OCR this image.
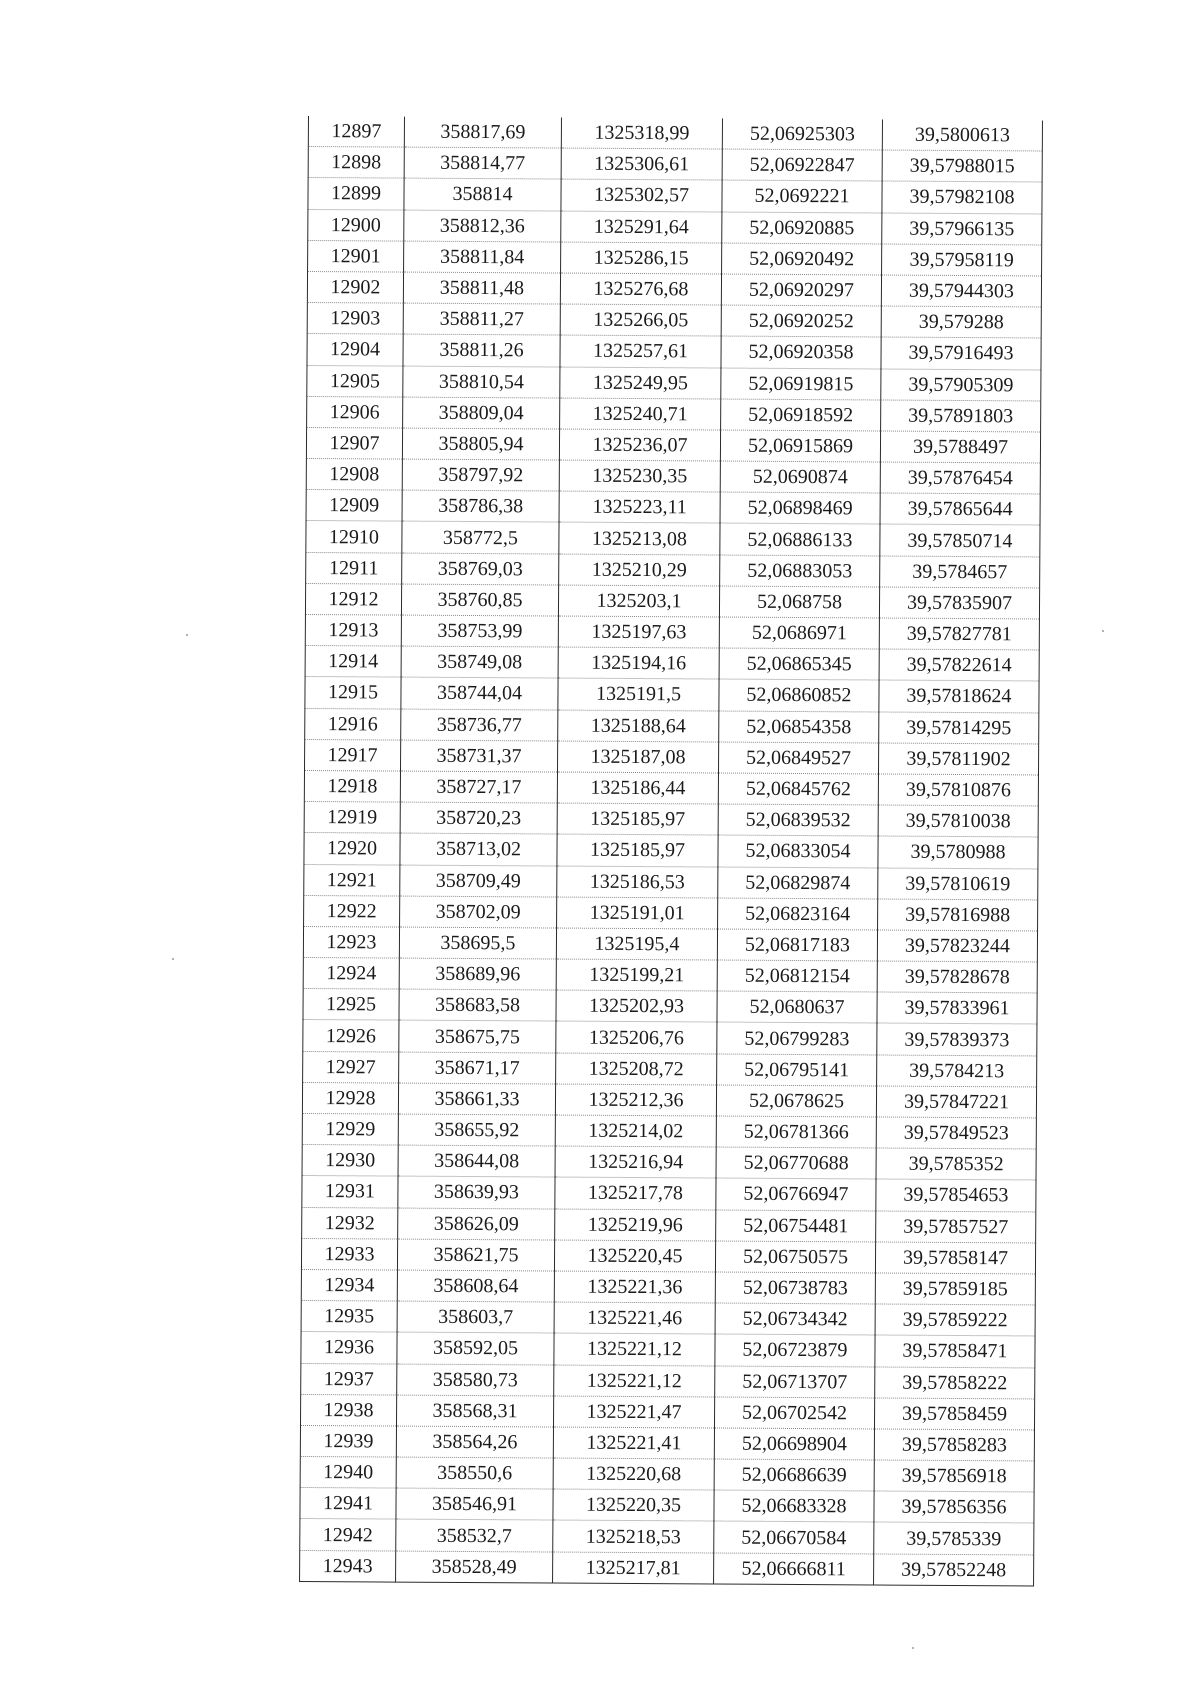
12897	358817,69	1325318,99	52,06925303	39,5800613
12898	358814,77	1325306,61	52,06922847	39,57988015
12899	358814	1325302,57	52,0692221	39,57982108
12900	358812,36	1325291,64	52,06920885	39,57966135
12901	358811,84	1325286,15	52,06920492	39,57958119
12902	358811,48	1325276,68	52,06920297	39,57944303
12903	358811,27	1325266,05	52,06920252	39,579288
12904	358811,26	1325257,61	52,06920358	39,57916493
12905	358810,54	1325249,95	52,06919815	39,57905309
12906	358809,04	1325240,71	52,06918592	39,57891803
12907	358805,94	1325236,07	52,06915869	39,5788497
12908	358797,92	1325230,35	52,0690874	39,57876454
12909	358786,38	1325223,11	52,06898469	39,57865644
12910	358772,5	1325213,08	52,06886133	39,57850714
12911	358769,03	1325210,29	52,06883053	39,5784657
12912	358760,85	1325203,1	52,068758	39,57835907
12913	358753,99	1325197,63	52,0686971	39,57827781
12914	358749,08	1325194,16	52,06865345	39,57822614
12915	358744,04	1325191,5	52,06860852	39,57818624
12916	358736,77	1325188,64	52,06854358	39,57814295
12917	358731,37	1325187,08	52,06849527	39,57811902
12918	358727,17	1325186,44	52,06845762	39,57810876
12919	358720,23	1325185,97	52,06839532	39,57810038
12920	358713,02	1325185,97	52,06833054	39,5780988
12921	358709,49	1325186,53	52,06829874	39,57810619
12922	358702,09	1325191,01	52,06823164	39,57816988
12923	358695,5	1325195,4	52,06817183	39,57823244
12924	358689,96	1325199,21	52,06812154	39,57828678
12925	358683,58	1325202,93	52,0680637	39,57833961
12926	358675,75	1325206,76	52,06799283	39,57839373
12927	358671,17	1325208,72	52,06795141	39,5784213
12928	358661,33	1325212,36	52,0678625	39,57847221
12929	358655,92	1325214,02	52,06781366	39,57849523
12930	358644,08	1325216,94	52,06770688	39,5785352
12931	358639,93	1325217,78	52,06766947	39,57854653
12932	358626,09	1325219,96	52,06754481	39,57857527
12933	358621,75	1325220,45	52,06750575	39,57858147
12934	358608,64	1325221,36	52,06738783	39,57859185
12935	358603,7	1325221,46	52,06734342	39,57859222
12936	358592,05	1325221,12	52,06723879	39,57858471
12937	358580,73	1325221,12	52,06713707	39,57858222
12938	358568,31	1325221,47	52,06702542	39,57858459
12939	358564,26	1325221,41	52,06698904	39,57858283
12940	358550,6	1325220,68	52,06686639	39,57856918
12941	358546,91	1325220,35	52,06683328	39,57856356
12942	358532,7	1325218,53	52,06670584	39,5785339
12943	358528,49	1325217,81	52,06666811	39,57852248
